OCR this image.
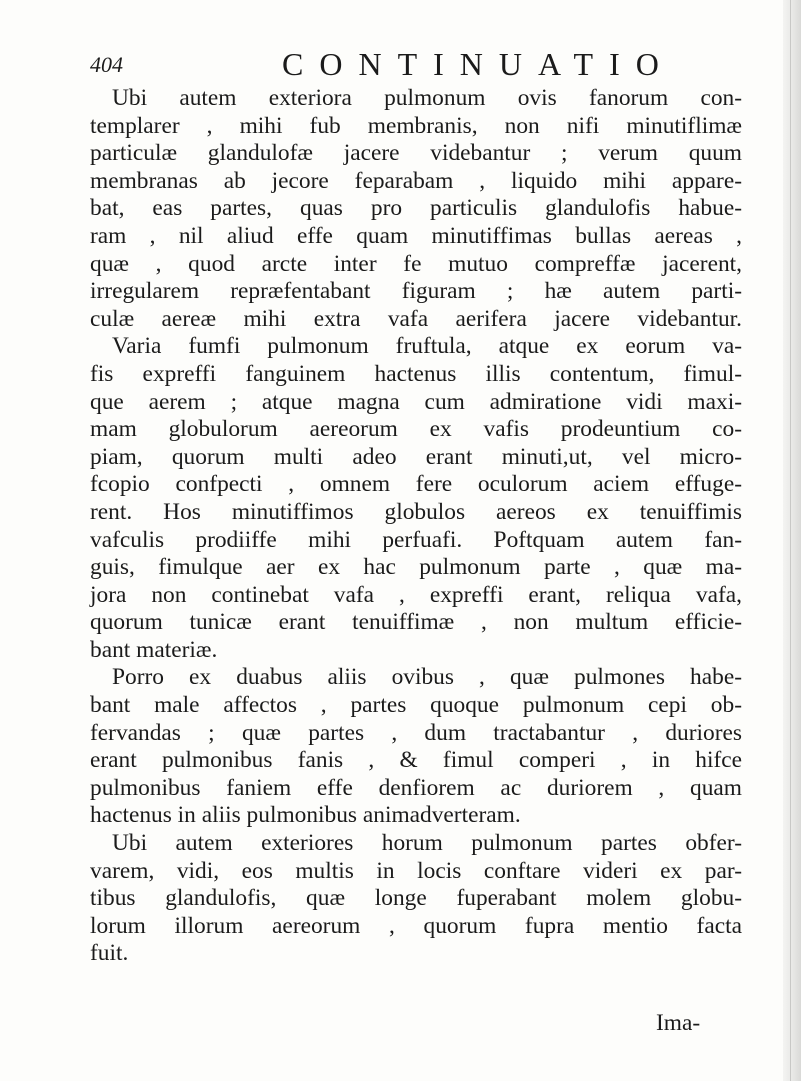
404	CONTINUATIO
Ubi autem exteriora pulmonum ovis fanorum con-
templarer , mihi fub membranis, non nifi minutiflimæ
particulæ glandulofæ jacere videbantur ; verum quum
membranas ab jecore feparabam , liquido mihi appare-
bat, eas partes, quas pro particulis glandulofis habue-
ram , nil aliud effe quam minutiffimas bullas aereas ,
quæ , quod arcte inter fe mutuo compreffæ jacerent,
irregularem repræfentabant figuram ; hæ autem parti-
culæ aereæ mihi extra vafa aerifera jacere videbantur.
Varia fumfi pulmonum fruftula, atque ex eorum va-
fis expreffi fanguinem hactenus illis contentum, fimul-
que aerem ; atque magna cum admiratione vidi maxi-
mam globulorum aereorum ex vafis prodeuntium co-
piam, quorum multi adeo erant minuti,ut, vel micro-
fcopio confpecti , omnem fere oculorum aciem effuge-
rent. Hos minutiffimos globulos aereos ex tenuiffimis
vafculis prodiiffe mihi perfuafi. Poftquam autem fan-
guis, fimulque aer ex hac pulmonum parte , quæ ma-
jora non continebat vafa , expreffi erant, reliqua vafa,
quorum tunicæ erant tenuiffimæ , non multum efficie-
bant materiæ.
Porro ex duabus aliis ovibus , quæ pulmones habe-
bant male affectos , partes quoque pulmonum cepi ob-
fervandas ; quæ partes , dum tractabantur , duriores
erant pulmonibus fanis , & fimul comperi , in hifce
pulmonibus faniem effe denfiorem ac duriorem , quam
hactenus in aliis pulmonibus animadverteram.
Ubi autem exteriores horum pulmonum partes obfer-
varem, vidi, eos multis in locis conftare videri ex par-
tibus glandulofis, quæ longe fuperabant molem globu-
lorum illorum aereorum , quorum fupra mentio facta
fuit.
Ima-
